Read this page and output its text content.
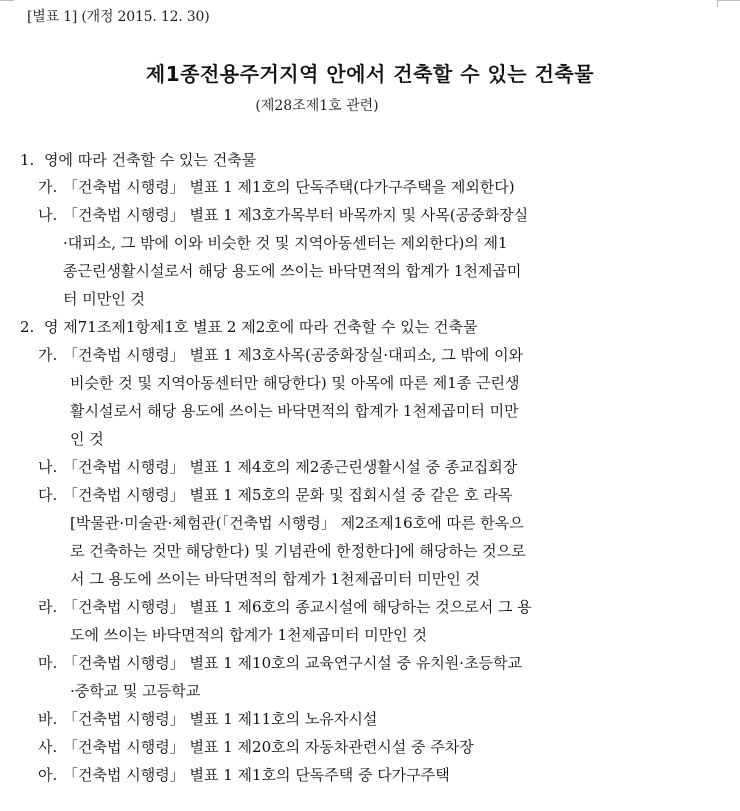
[별표 1] (개정 2015. 12. 30)
제1종전용주거지역 안에서 건축할 수 있는 건축물
(제28조제1호 관련)
1. 영에 따라 건축할 수 있는 건축물
가. 「건축법 시행령」 별표 1 제1호의 단독주택(다가구주택을 제외한다)
나. 「건축법 시행령」 별표 1 제3호가목부터 바목까지 및 사목(공중화장실
·대피소, 그 밖에 이와 비슷한 것 및 지역아동센터는 제외한다)의 제1
종근린생활시설로서 해당 용도에 쓰이는 바닥면적의 합계가 1천제곱미
터 미만인 것
2. 영 제71조제1항제1호 별표 2 제2호에 따라 건축할 수 있는 건축물
가. 「건축법 시행령」 별표 1 제3호사목(공중화장실·대피소, 그 밖에 이와
비슷한 것 및 지역아동센터만 해당한다) 및 아목에 따른 제1종 근린생
활시설로서 해당 용도에 쓰이는 바닥면적의 합계가 1천제곱미터 미만
인 것
나. 「건축법 시행령」 별표 1 제4호의 제2종근린생활시설 중 종교집회장
다. 「건축법 시행령」 별표 1 제5호의 문화 및 집회시설 중 같은 호 라목
[박물관·미술관·체험관(「건축법 시행령」 제2조제16호에 따른 한옥으
로 건축하는 것만 해당한다) 및 기념관에 한정한다]에 해당하는 것으로
서 그 용도에 쓰이는 바닥면적의 합계가 1천제곱미터 미만인 것
라. 「건축법 시행령」 별표 1 제6호의 종교시설에 해당하는 것으로서 그 용
도에 쓰이는 바닥면적의 합계가 1천제곱미터 미만인 것
마. 「건축법 시행령」 별표 1 제10호의 교육연구시설 중 유치원·초등학교
·중학교 및 고등학교
바. 「건축법 시행령」 별표 1 제11호의 노유자시설
사. 「건축법 시행령」 별표 1 제20호의 자동차관련시설 중 주차장
아. 「건축법 시행령」 별표 1 제1호의 단독주택 중 다가구주택
